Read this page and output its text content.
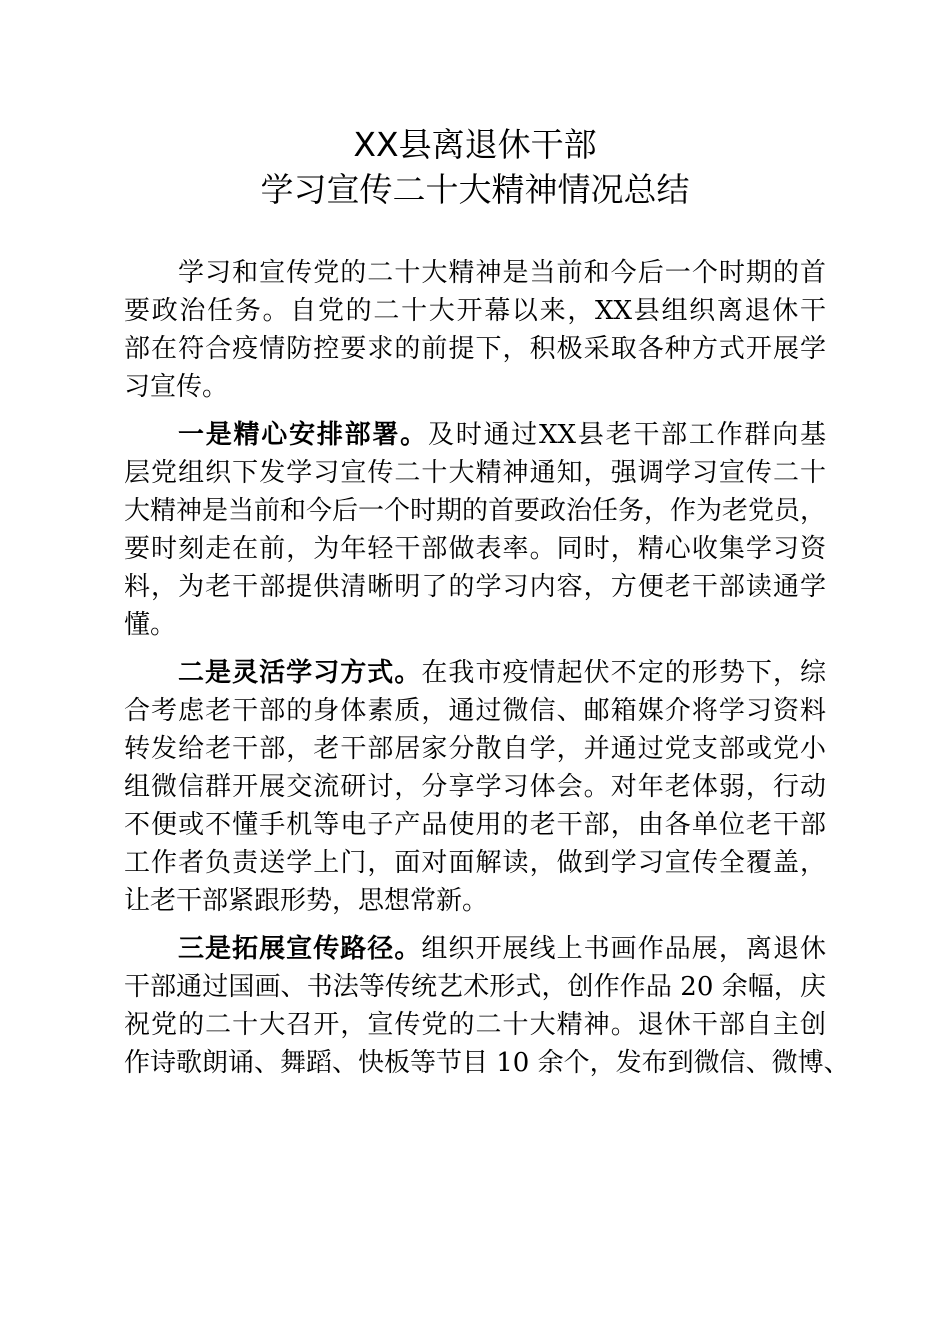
XX县离退休干部
学习宣传二十大精神情况总结
学习和宣传党的二十大精神是当前和今后一个时期的首
要政治任务。自党的二十大开幕以来，XX县组织离退休干
部在符合疫情防控要求的前提下，积极采取各种方式开展学
习宣传。
一是精心安排部署。及时通过XX县老干部工作群向基
层党组织下发学习宣传二十大精神通知，强调学习宣传二十
大精神是当前和今后一个时期的首要政治任务，作为老党员，
要时刻走在前，为年轻干部做表率。同时，精心收集学习资
料，为老干部提供清晰明了的学习内容，方便老干部读通学
懂。
二是灵活学习方式。在我市疫情起伏不定的形势下，综
合考虑老干部的身体素质，通过微信、邮箱媒介将学习资料
转发给老干部，老干部居家分散自学，并通过党支部或党小
组微信群开展交流研讨，分享学习体会。对年老体弱，行动
不便或不懂手机等电子产品使用的老干部，由各单位老干部
工作者负责送学上门，面对面解读，做到学习宣传全覆盖，
让老干部紧跟形势，思想常新。
三是拓展宣传路径。组织开展线上书画作品展，离退休
干部通过国画、书法等传统艺术形式，创作作品 20 余幅，庆
祝党的二十大召开，宣传党的二十大精神。退休干部自主创
作诗歌朗诵、舞蹈、快板等节目 10 余个，发布到微信、微博、
